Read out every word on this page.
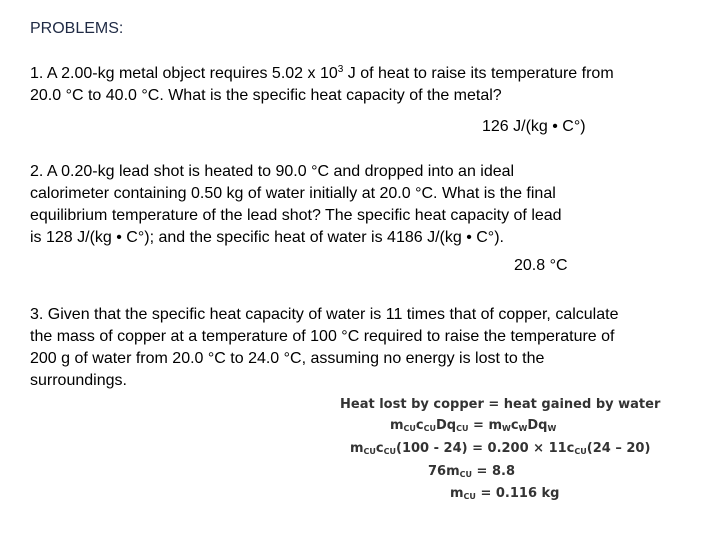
PROBLEMS:
1. A 2.00-kg metal object requires 5.02 x $10^3$ J of heat to raise its temperature from
20.0 °C to 40.0 °C. What is the specific heat capacity of the metal?
126 J/(kg • C°)
2. A 0.20-kg lead shot is heated to 90.0 °C and dropped into an ideal
calorimeter containing 0.50 kg of water initially at 20.0 °C. What is the final
equilibrium temperature of the lead shot? The specific heat capacity of lead
is 128 J/(kg • C°); and the specific heat of water is 4186 J/(kg • C°).
20.8 °C
3. Given that the specific heat capacity of water is 11 times that of copper, calculate
the mass of copper at a temperature of 100 °C required to raise the temperature of
200 g of water from 20.0 °C to 24.0 °C, assuming no energy is lost to the
surroundings.
Heat lost by copper = heat gained by water
$m_{CU}c_{CU}Dq_{CU} = m_Wc_WDq_W$
$m_{CU}c_{CU}(100 - 24) = 0.200 \times 11c_{CU}(24 - 20)$
$76m_{CU} = 8.8$
$m_{CU} = 0.116$ kg
